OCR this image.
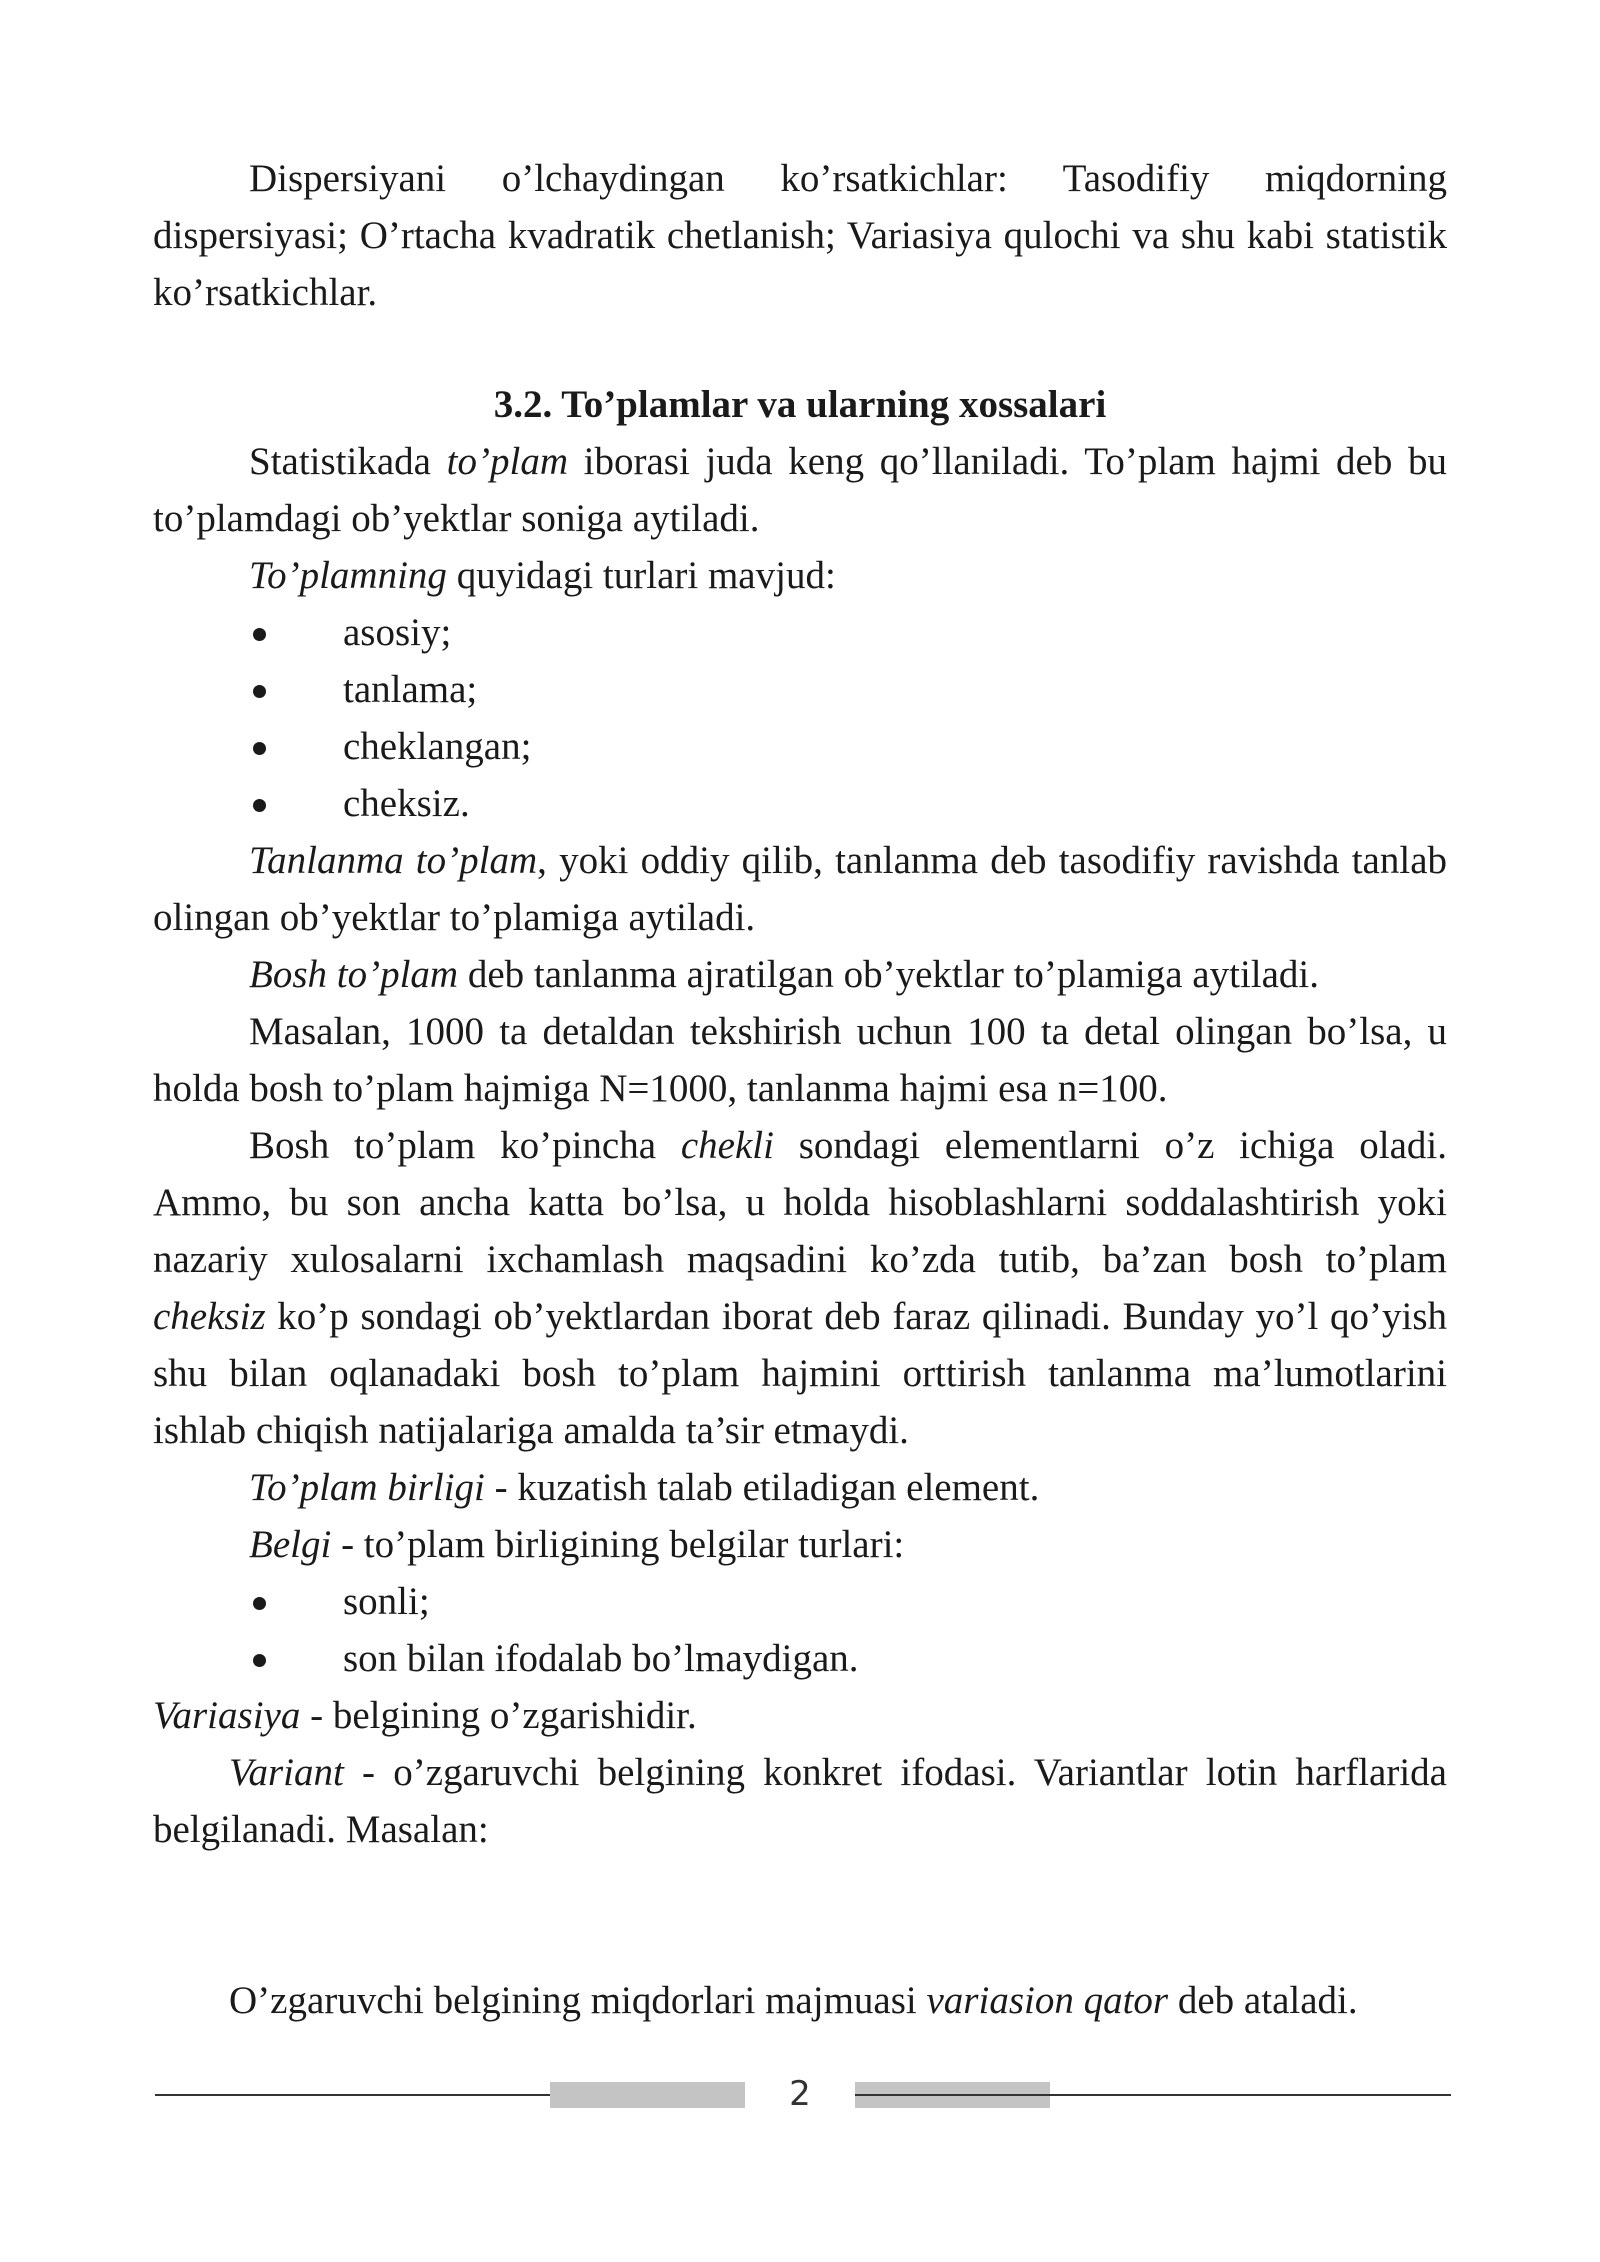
Dispersiyani o’lchaydingan ko’rsatkichlar: Tasodifiy miqdorning dispersiyasi; O’rtacha kvadratik chetlanish; Variasiya qulochi va shu kabi statistik ko’rsatkichlar.

3.2. To’plamlar va ularning xossalari

Statistikada to’plam iborasi juda keng qo’llaniladi. To’plam hajmi deb bu to’plamdagi ob’yektlar soniga aytiladi.

To’plamning quyidagi turlari mavjud:

asosiy;
tanlama;
cheklangan;
cheksiz.

Tanlanma to’plam, yoki oddiy qilib, tanlanma deb tasodifiy ravishda tanlab olingan ob’yektlar to’plamiga aytiladi.

Bosh to’plam deb tanlanma ajratilgan ob’yektlar to’plamiga aytiladi.

Masalan, 1000 ta detaldan tekshirish uchun 100 ta detal olingan bo’lsa, u holda bosh to’plam hajmiga N=1000, tanlanma hajmi esa n=100.

Bosh to’plam ko’pincha chekli sondagi elementlarni o’z ichiga oladi. Ammo, bu son ancha katta bo’lsa, u holda hisoblashlarni soddalashtirish yoki nazariy xulosalarni ixchamlash maqsadini ko’zda tutib, ba’zan bosh to’plam cheksiz ko’p sondagi ob’yektlardan iborat deb faraz qilinadi. Bunday yo’l qo’yish shu bilan oqlanadaki bosh to’plam hajmini orttirish tanlanma ma’lumotlarini ishlab chiqish natijalariga amalda ta’sir etmaydi.

To’plam birligi - kuzatish talab etiladigan element.

Belgi - to’plam birligining belgilar turlari:

sonli;
son bilan ifodalab bo’lmaydigan.

Variasiya - belgining o’zgarishidir.

Variant - o’zgaruvchi belgining konkret ifodasi. Variantlar lotin harflarida belgilanadi. Masalan:

O’zgaruvchi belgining miqdorlari majmuasi variasion qator deb ataladi.

2
